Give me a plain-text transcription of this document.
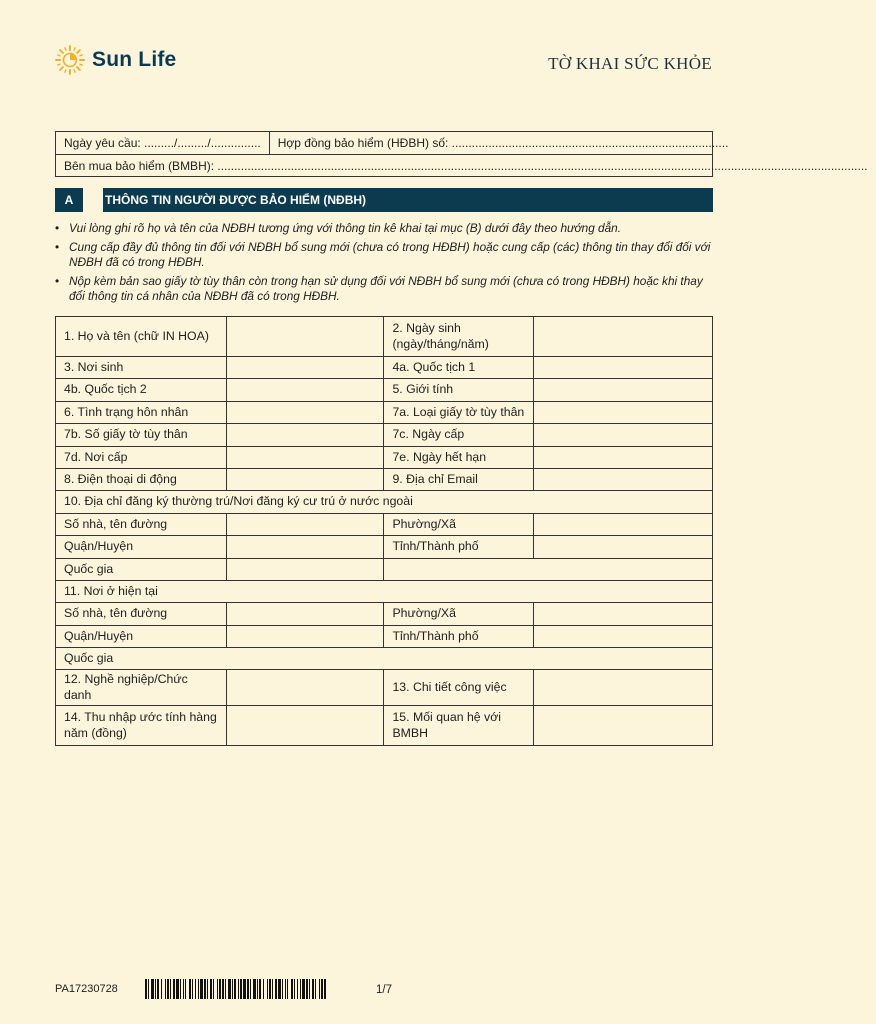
Sun Life	TỜ KHAI SỨC KHỎE
Ngày yêu cầu: ........./........./...............	Hợp đồng bảo hiểm (HĐBH) số: ...................................................................................
Bên mua bảo hiểm (BMBH): ...................................................................................................................................................................................................
A	THÔNG TIN NGƯỜI ĐƯỢC BẢO HIỂM (NĐBH)
• Vui lòng ghi rõ họ và tên của NĐBH tương ứng với thông tin kê khai tại mục (B) dưới đây theo hướng dẫn.
• Cung cấp đầy đủ thông tin đối với NĐBH bổ sung mới (chưa có trong HĐBH) hoặc cung cấp (các) thông tin thay đổi đối với NĐBH đã có trong HĐBH.
• Nộp kèm bản sao giấy tờ tùy thân còn trong hạn sử dụng đối với NĐBH bổ sung mới (chưa có trong HĐBH) hoặc khi thay đổi thông tin cá nhân của NĐBH đã có trong HĐBH.
1. Họ và tên (chữ IN HOA)		2. Ngày sinh (ngày/tháng/năm)	
3. Nơi sinh		4a. Quốc tịch 1	
4b. Quốc tịch 2		5. Giới tính	
6. Tình trạng hôn nhân		7a. Loại giấy tờ tùy thân	
7b. Số giấy tờ tùy thân		7c. Ngày cấp	
7d. Nơi cấp		7e. Ngày hết hạn	
8. Điện thoại di động		9. Địa chỉ Email	
10. Địa chỉ đăng ký thường trú/Nơi đăng ký cư trú ở nước ngoài			
Số nhà, tên đường		Phường/Xã	
Quận/Huyện		Tỉnh/Thành phố	
Quốc gia			
11. Nơi ở hiện tại			
Số nhà, tên đường		Phường/Xã	
Quận/Huyện		Tỉnh/Thành phố	
Quốc gia			
12. Nghề nghiệp/Chức danh		13. Chi tiết công việc	
14. Thu nhập ước tính hàng năm (đồng)		15. Mối quan hệ với BMBH	
PA17230728	1/7
